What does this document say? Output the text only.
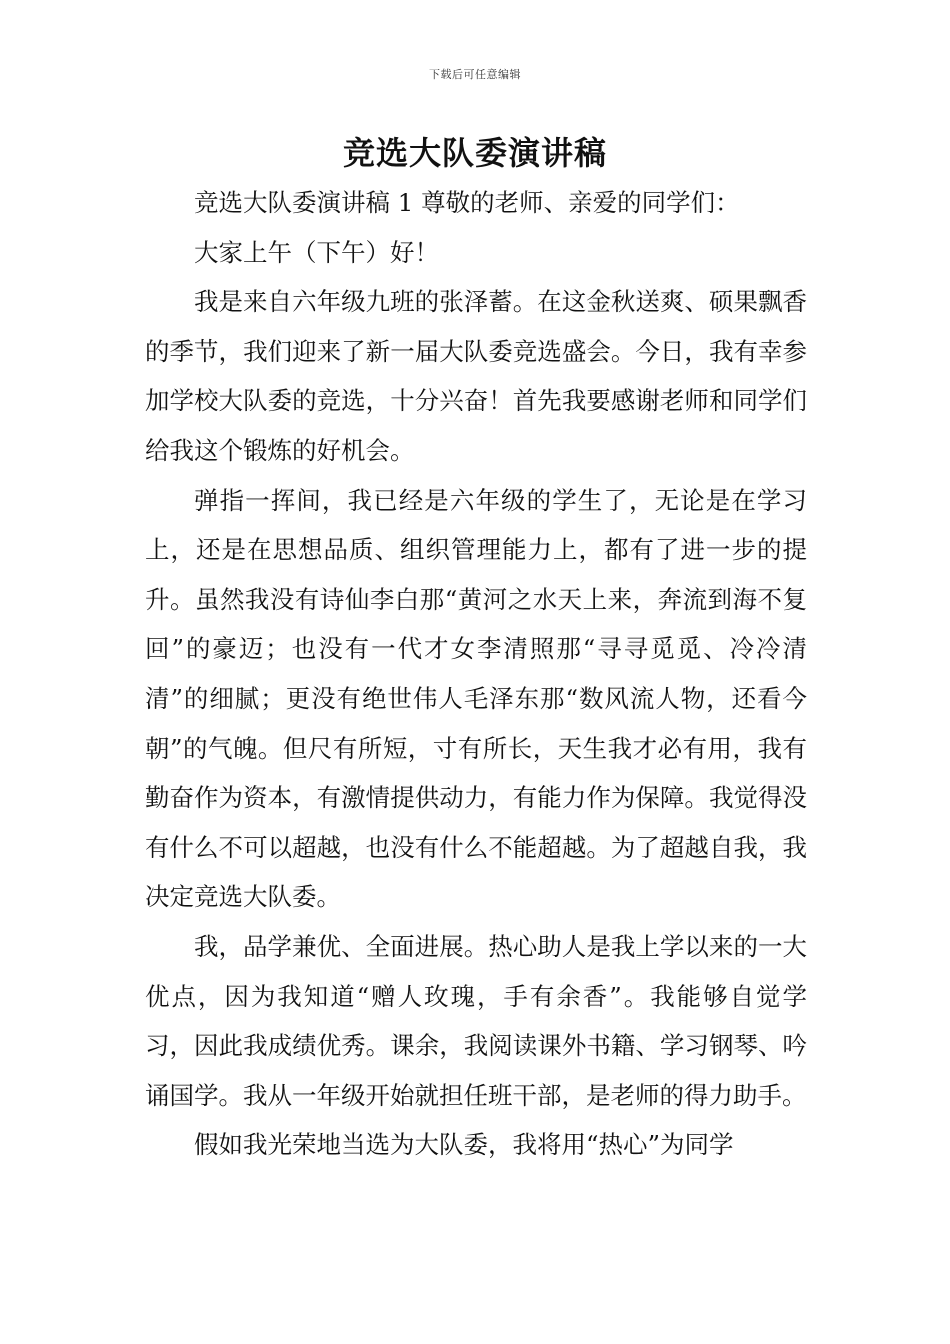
下载后可任意编辑
竞选大队委演讲稿

竞选大队委演讲稿 1 尊敬的老师、亲爱的同学们：

大家上午（下午）好！

我是来自六年级九班的张泽蓄。在这金秋送爽、硕果飘香的季节，我们迎来了新一届大队委竞选盛会。今日，我有幸参加学校大队委的竞选，十分兴奋！首先我要感谢老师和同学们给我这个锻炼的好机会。

弹指一挥间，我已经是六年级的学生了，无论是在学习上，还是在思想品质、组织管理能力上，都有了进一步的提升。虽然我没有诗仙李白那“黄河之水天上来，奔流到海不复回”的豪迈；也没有一代才女李清照那“寻寻觅觅、冷冷清清”的细腻；更没有绝世伟人毛泽东那“数风流人物，还看今朝”的气魄。但尺有所短，寸有所长，天生我才必有用，我有勤奋作为资本，有激情提供动力，有能力作为保障。我觉得没有什么不可以超越，也没有什么不能超越。为了超越自我，我决定竞选大队委。

我，品学兼优、全面进展。热心助人是我上学以来的一大优点，因为我知道“赠人玫瑰，手有余香”。我能够自觉学习，因此我成绩优秀。课余，我阅读课外书籍、学习钢琴、吟诵国学。我从一年级开始就担任班干部，是老师的得力助手。

假如我光荣地当选为大队委，我将用“热心”为同学
